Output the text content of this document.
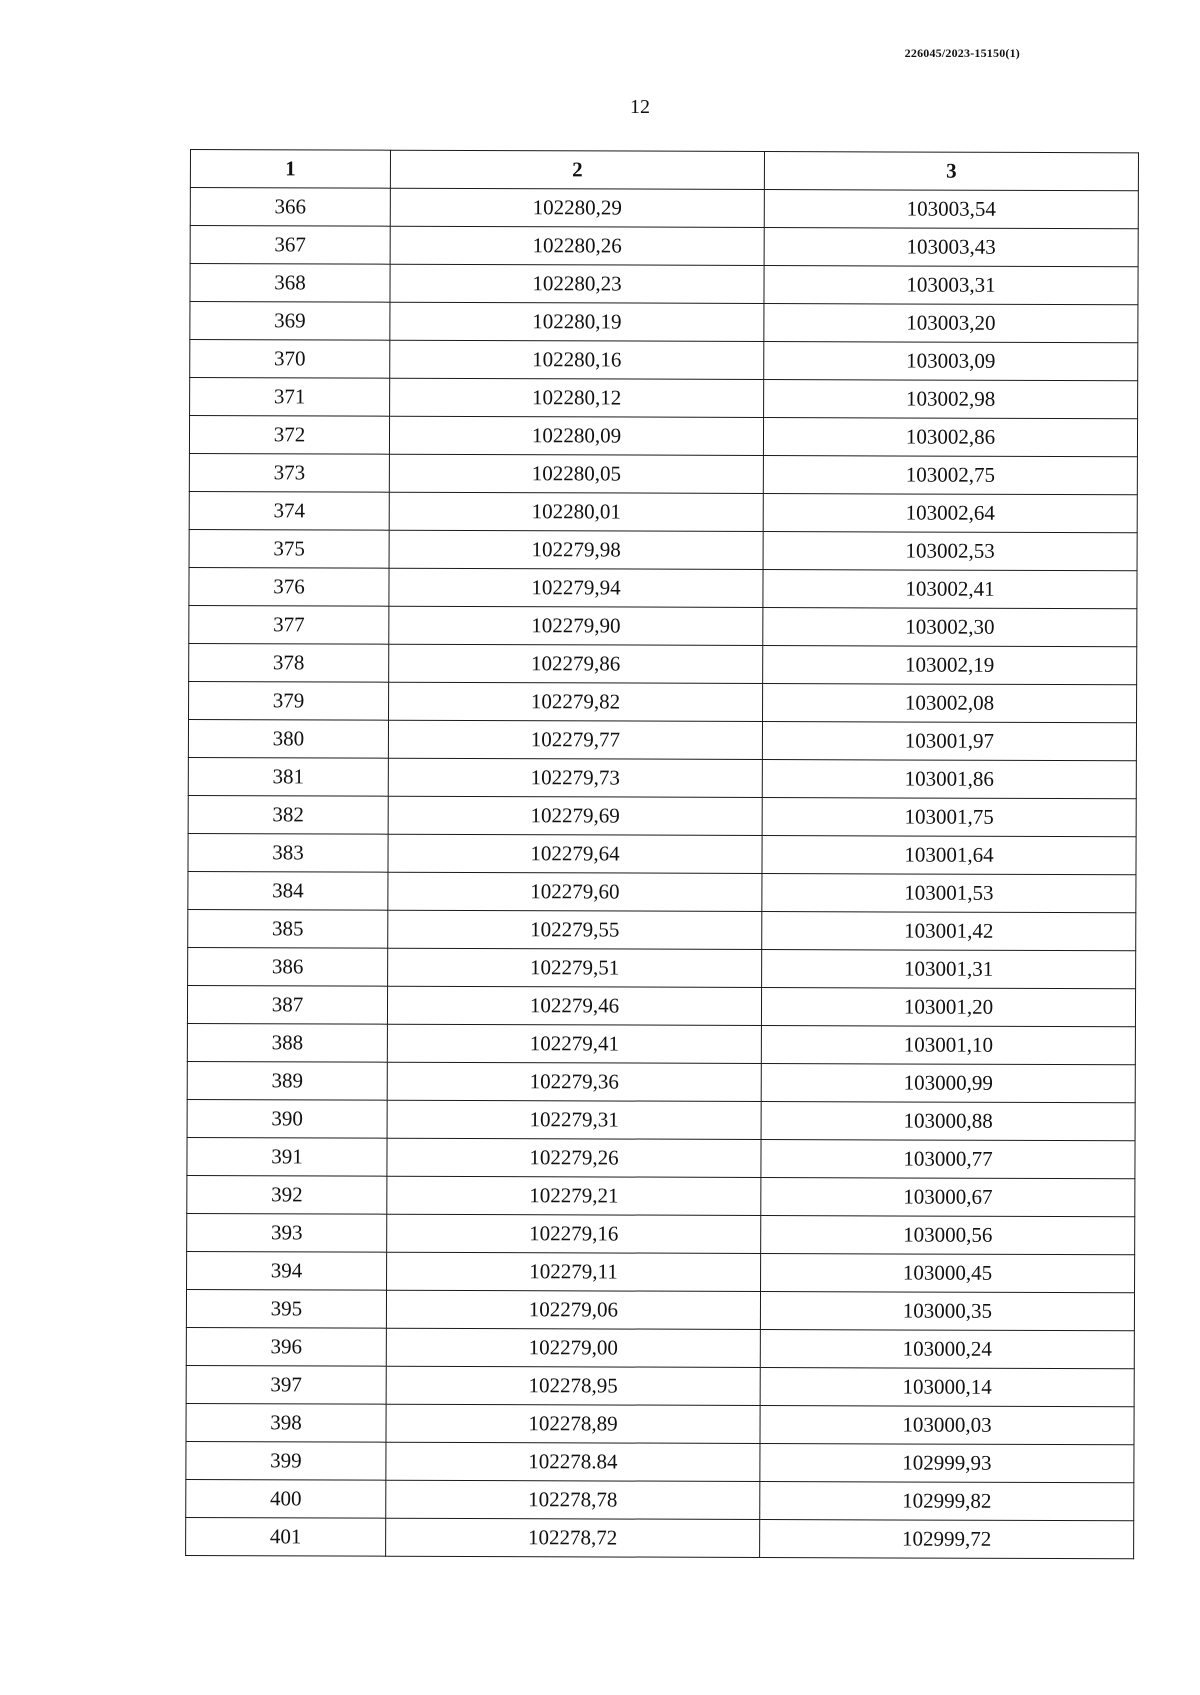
226045/2023-15150(1)
12
1	2	3
366	102280,29	103003,54
367	102280,26	103003,43
368	102280,23	103003,31
369	102280,19	103003,20
370	102280,16	103003,09
371	102280,12	103002,98
372	102280,09	103002,86
373	102280,05	103002,75
374	102280,01	103002,64
375	102279,98	103002,53
376	102279,94	103002,41
377	102279,90	103002,30
378	102279,86	103002,19
379	102279,82	103002,08
380	102279,77	103001,97
381	102279,73	103001,86
382	102279,69	103001,75
383	102279,64	103001,64
384	102279,60	103001,53
385	102279,55	103001,42
386	102279,51	103001,31
387	102279,46	103001,20
388	102279,41	103001,10
389	102279,36	103000,99
390	102279,31	103000,88
391	102279,26	103000,77
392	102279,21	103000,67
393	102279,16	103000,56
394	102279,11	103000,45
395	102279,06	103000,35
396	102279,00	103000,24
397	102278,95	103000,14
398	102278,89	103000,03
399	102278.84	102999,93
400	102278,78	102999,82
401	102278,72	102999,72
